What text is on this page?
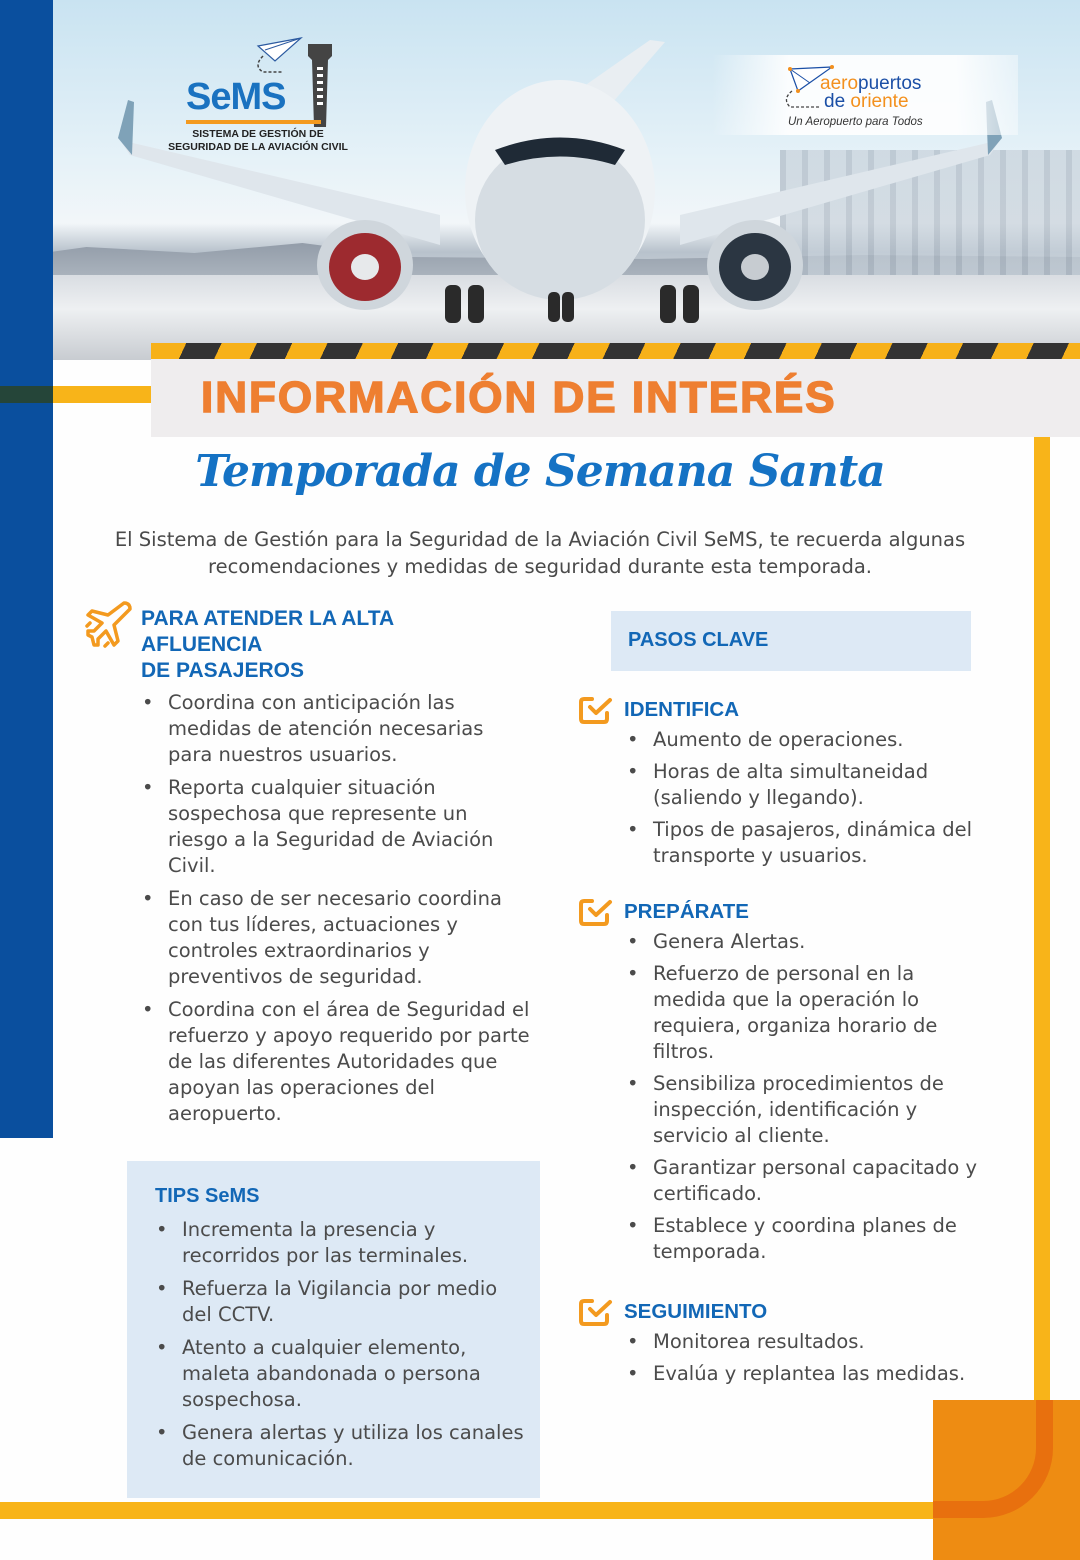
SeMS
SISTEMA DE GESTIÓN DE
SEGURIDAD DE LA AVIACIÓN CIVIL
aeropuertos
de oriente
Un Aeropuerto para Todos
INFORMACIÓN DE INTERÉS
Temporada de Semana Santa
El Sistema de Gestión para la Seguridad de la Aviación Civil SeMS, te recuerda algunas recomendaciones y medidas de seguridad durante esta temporada.
PARA ATENDER LA ALTA
AFLUENCIA
DE PASAJEROS
• Coordina con anticipación las medidas de atención necesarias para nuestros usuarios.
• Reporta cualquier situación sospechosa que represente un riesgo a la Seguridad de Aviación Civil.
• En caso de ser necesario coordina con tus líderes, actuaciones y controles extraordinarios y preventivos de seguridad.
• Coordina con el área de Seguridad el refuerzo y apoyo requerido por parte de las diferentes Autoridades que apoyan las operaciones del aeropuerto.
TIPS SeMS
• Incrementa la presencia y recorridos por las terminales.
• Refuerza la Vigilancia por medio del CCTV.
• Atento a cualquier elemento, maleta abandonada o persona sospechosa.
• Genera alertas y utiliza los canales de comunicación.
PASOS CLAVE
IDENTIFICA
• Aumento de operaciones.
• Horas de alta simultaneidad (saliendo y llegando).
• Tipos de pasajeros, dinámica del transporte y usuarios.
PREPÁRATE
• Genera Alertas.
• Refuerzo de personal en la medida que la operación lo requiera, organiza horario de filtros.
• Sensibiliza procedimientos de inspección, identificación y servicio al cliente.
• Garantizar personal capacitado y certificado.
• Establece y coordina planes de temporada.
SEGUIMIENTO
• Monitorea resultados.
• Evalúa y replantea las medidas.
